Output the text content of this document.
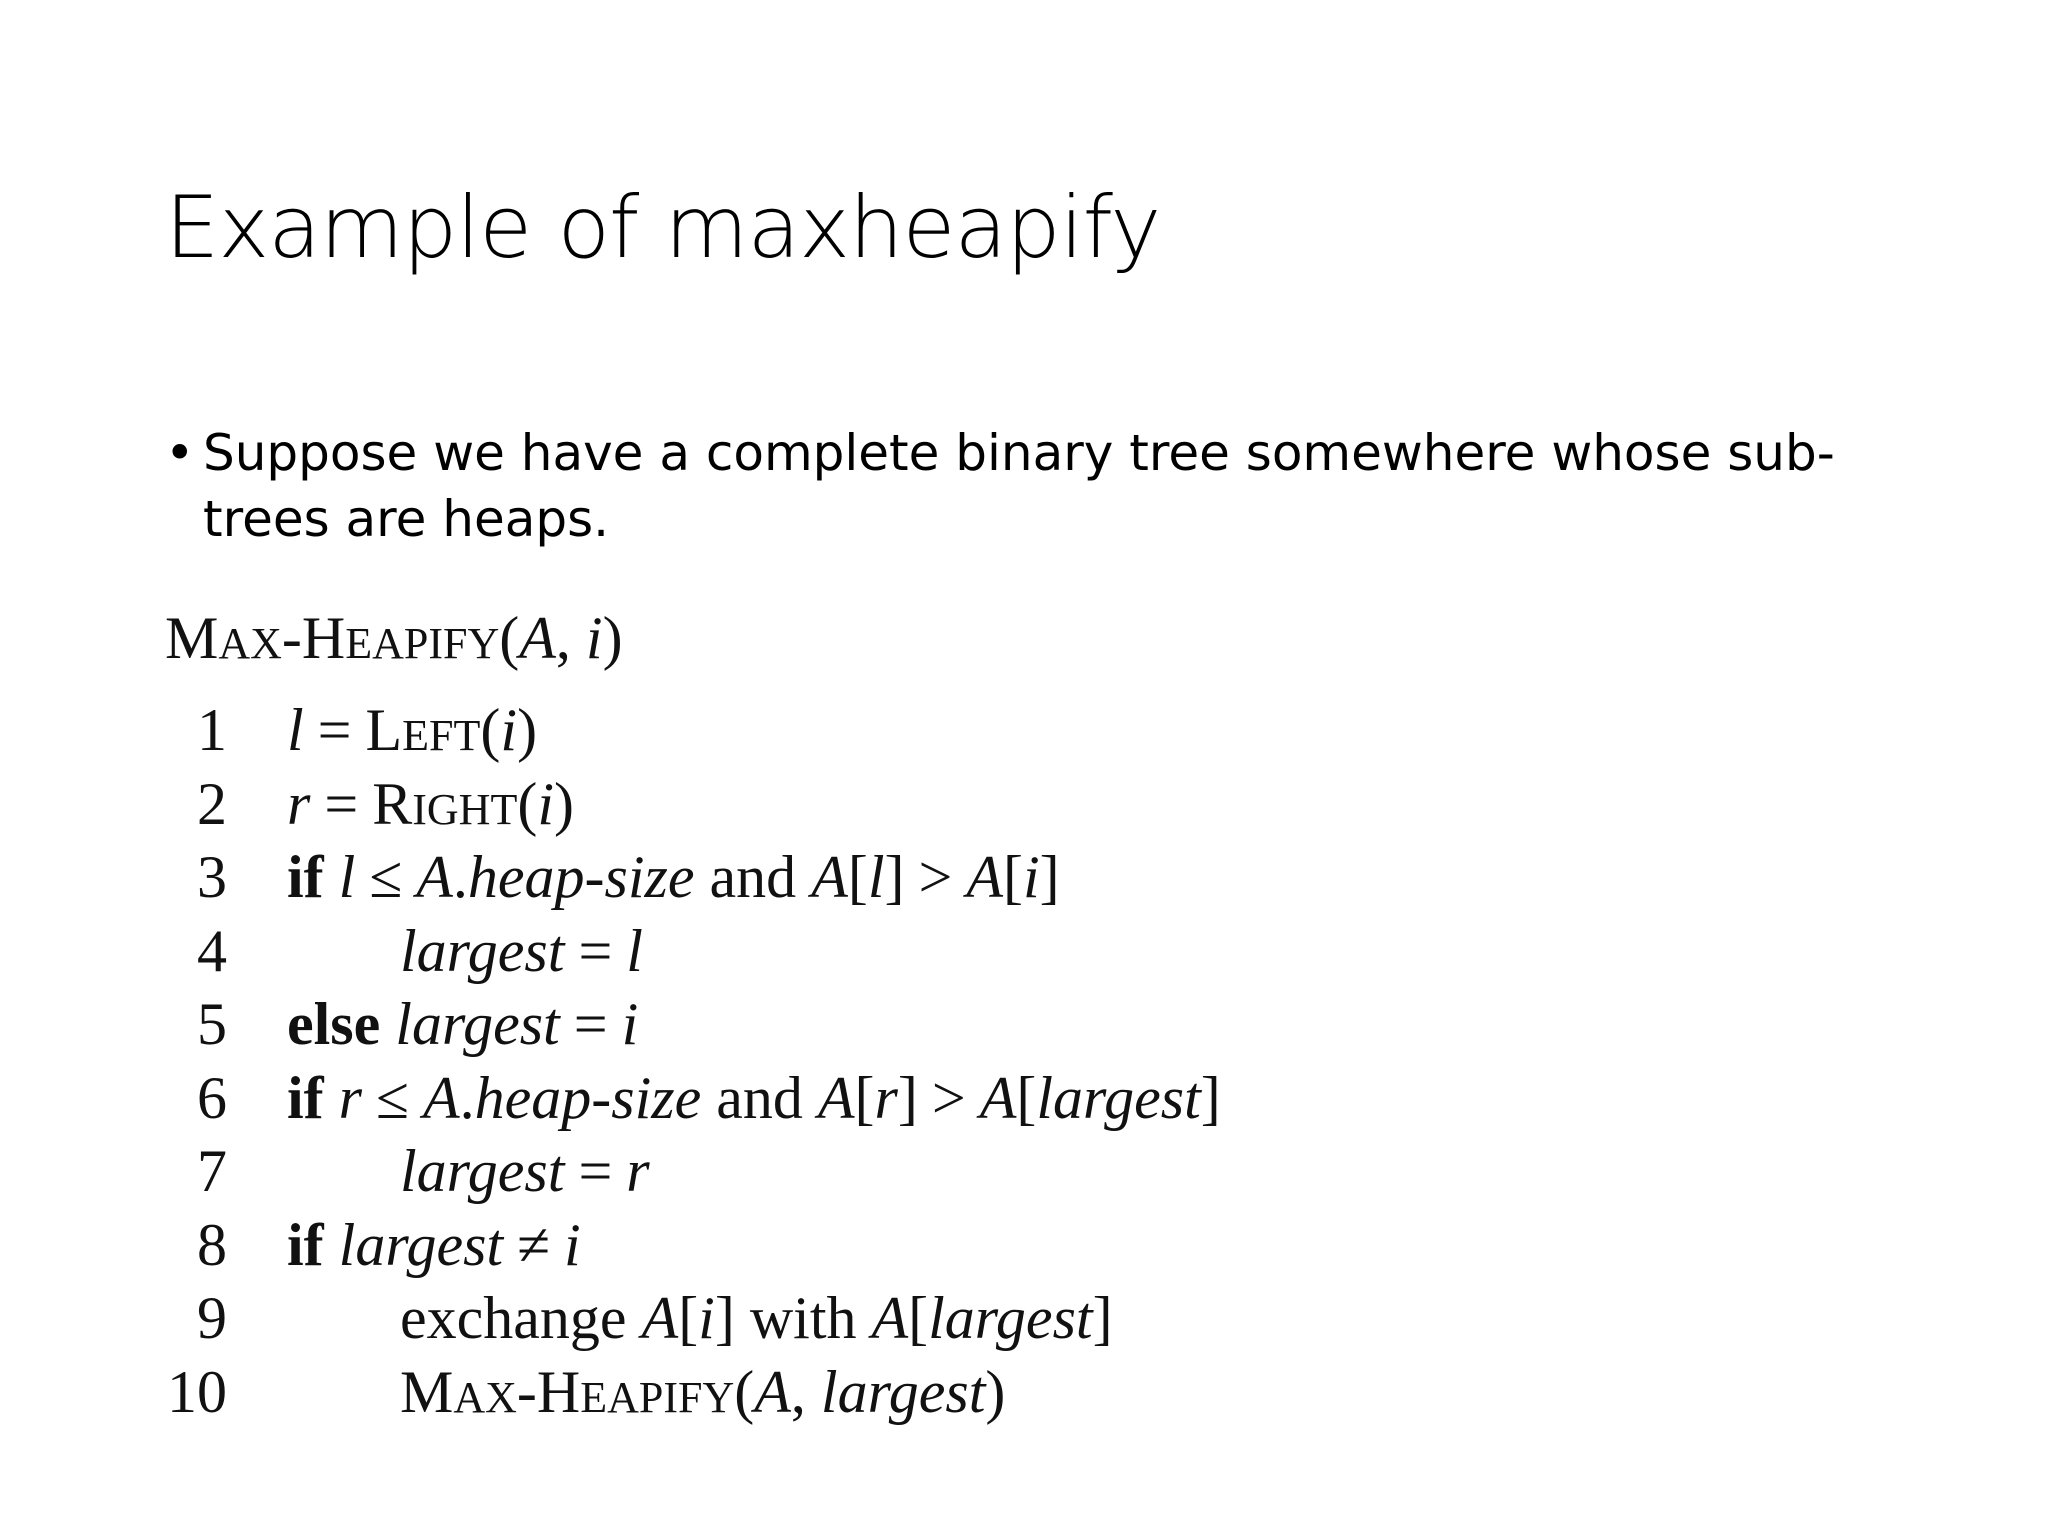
Example of maxheapify
• Suppose we have a complete binary tree somewhere whose sub-trees are heaps.
MAX-HEAPIFY(A, i)
1 l = LEFT(i)
2 r = RIGHT(i)
3 if l ≤ A.heap-size and A[l] > A[i]
4	largest = l
5 else largest = i
6 if r ≤ A.heap-size and A[r] > A[largest]
7	largest = r
8 if largest ≠ i
9	exchange A[i] with A[largest]
10	MAX-HEAPIFY(A, largest)
